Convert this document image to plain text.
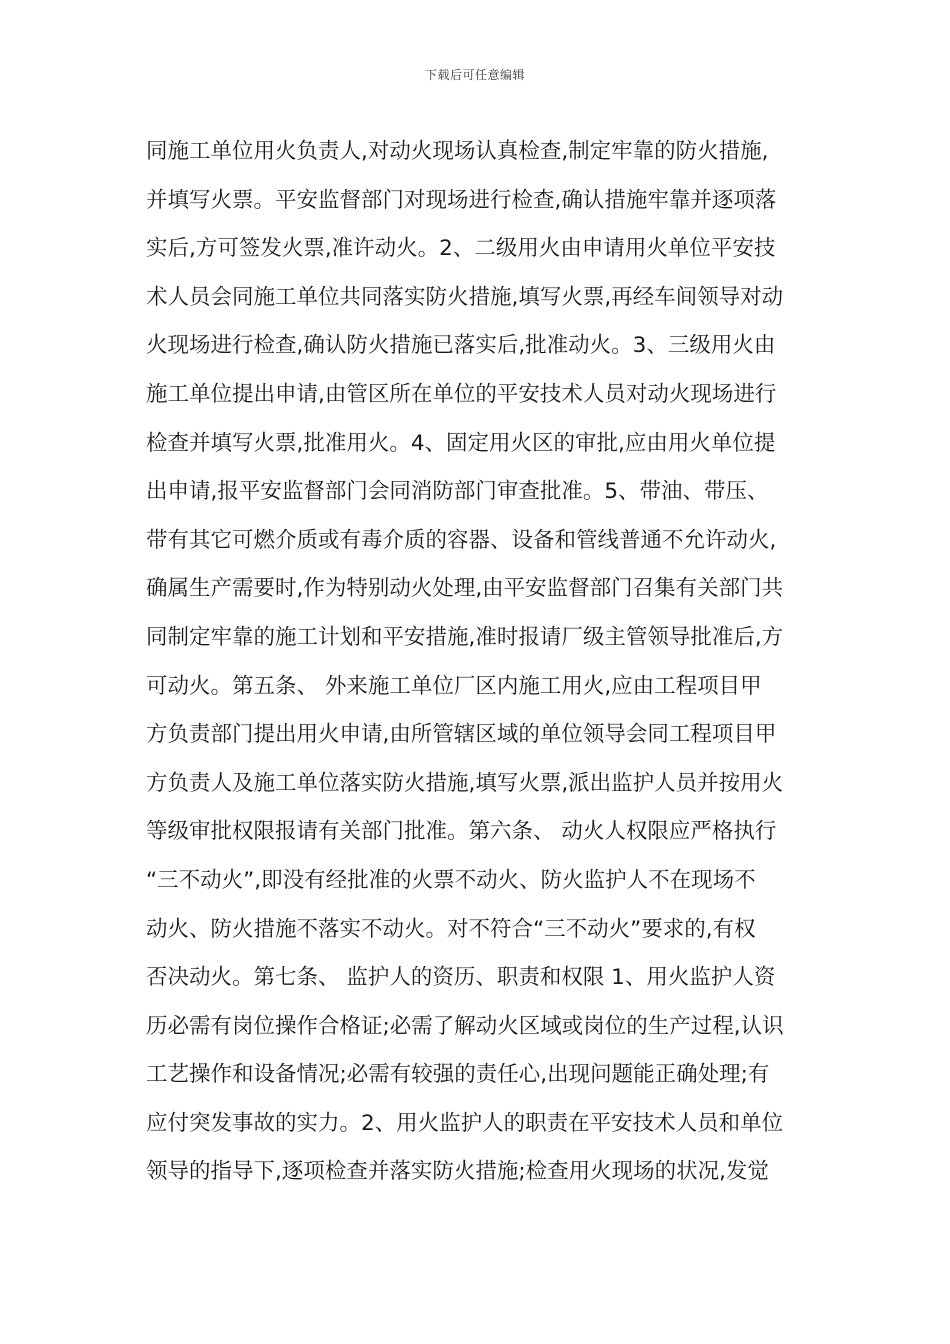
下载后可任意编辑
同施工单位用火负责人,对动火现场认真检查,制定牢靠的防火措施,
并填写火票。平安监督部门对现场进行检查,确认措施牢靠并逐项落
实后,方可签发火票,准许动火。2、二级用火由申请用火单位平安技
术人员会同施工单位共同落实防火措施,填写火票,再经车间领导对动
火现场进行检查,确认防火措施已落实后,批准动火。3、三级用火由
施工单位提出申请,由管区所在单位的平安技术人员对动火现场进行
检查并填写火票,批准用火。4、固定用火区的审批,应由用火单位提
出申请,报平安监督部门会同消防部门审查批准。5、带油、带压、
带有其它可燃介质或有毒介质的容器、设备和管线普通不允许动火,
确属生产需要时,作为特别动火处理,由平安监督部门召集有关部门共
同制定牢靠的施工计划和平安措施,准时报请厂级主管领导批准后,方
可动火。第五条、 外来施工单位厂区内施工用火,应由工程项目甲
方负责部门提出用火申请,由所管辖区域的单位领导会同工程项目甲
方负责人及施工单位落实防火措施,填写火票,派出监护人员并按用火
等级审批权限报请有关部门批准。第六条、 动火人权限应严格执行
“三不动火”,即没有经批准的火票不动火、防火监护人不在现场不
动火、防火措施不落实不动火。对不符合“三不动火”要求的,有权
否决动火。第七条、 监护人的资历、职责和权限 1、用火监护人资
历必需有岗位操作合格证;必需了解动火区域或岗位的生产过程,认识
工艺操作和设备情况;必需有较强的责任心,出现问题能正确处理;有
应付突发事故的实力。2、用火监护人的职责在平安技术人员和单位
领导的指导下,逐项检查并落实防火措施;检查用火现场的状况,发觉
